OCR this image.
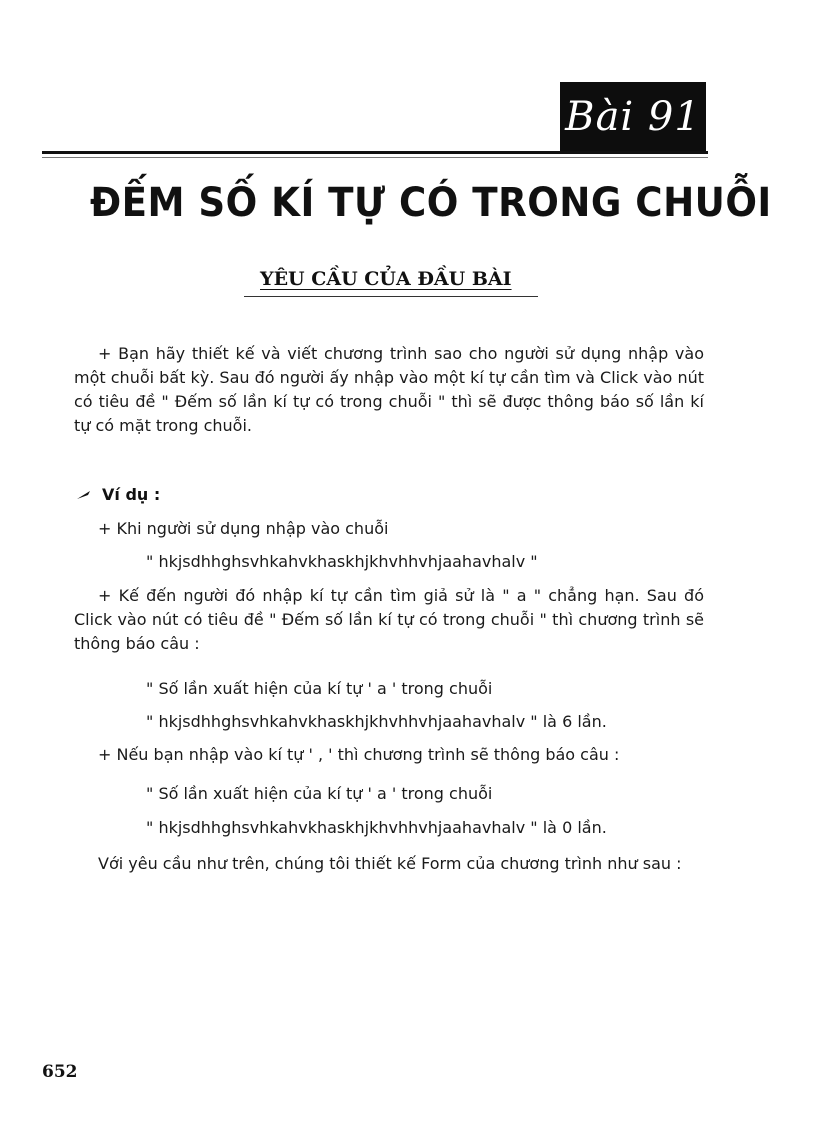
Bài 91
ĐẾM SỐ KÍ TỰ CÓ TRONG CHUỖI
YÊU CẦU CỦA ĐẦU BÀI
+ Bạn hãy thiết kế và viết chương trình sao cho người sử dụng nhập vào một chuỗi bất kỳ. Sau đó người ấy nhập vào một kí tự cần tìm và Click vào nút có tiêu đề " Đếm số lần kí tự có trong chuỗi " thì sẽ được thông báo số lần kí tự có mặt trong chuỗi.
Ví dụ :
+ Khi người sử dụng nhập vào chuỗi
" hkjsdhhghsvhkahvkhaskhjkhvhhvhjaahavhalv "
+ Kế đến người đó nhập kí tự cần tìm giả sử là " a " chẳng hạn. Sau đó Click vào nút có tiêu đề " Đếm số lần kí tự có trong chuỗi " thì chương trình sẽ thông báo câu :
" Số lần xuất hiện của kí tự ' a ' trong chuỗi
" hkjsdhhghsvhkahvkhaskhjkhvhhvhjaahavhalv " là 6 lần.
+ Nếu bạn nhập vào kí tự ' , ' thì chương trình sẽ thông báo câu :
" Số lần xuất hiện của kí tự ' a ' trong chuỗi
" hkjsdhhghsvhkahvkhaskhjkhvhhvhjaahavhalv " là 0 lần.
Với yêu cầu như trên, chúng tôi thiết kế Form của chương trình như sau :
652
